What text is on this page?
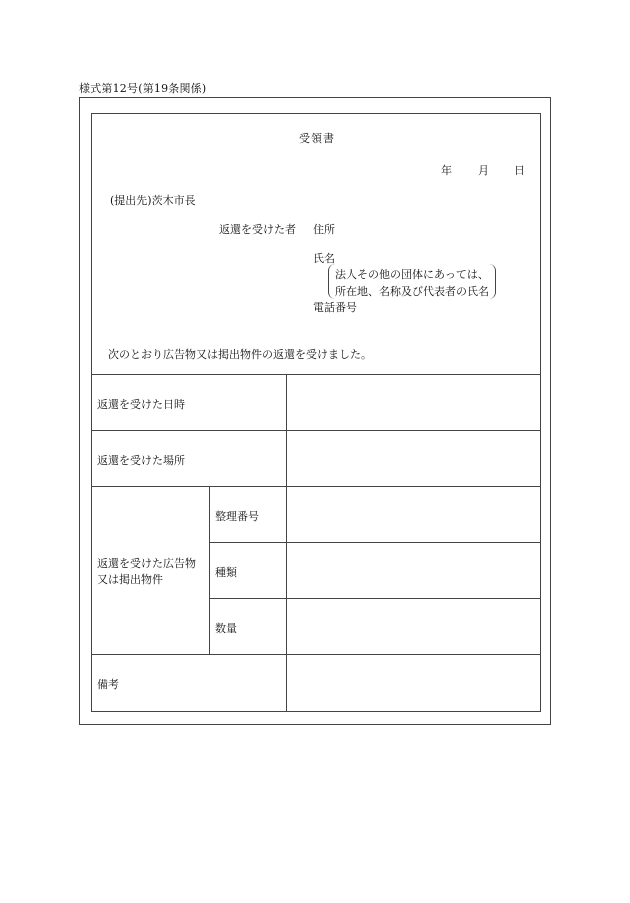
様式第12号(第19条関係)
受領書
年 月 日
(提出先)茨木市長
返還を受けた者 住所
氏名
法人その他の団体にあっては、
所在地、名称及び代表者の氏名
電話番号
次のとおり広告物又は掲出物件の返還を受けました。
返還を受けた日時
返還を受けた場所
返還を受けた広告物
又は掲出物件
整理番号
種類
数量
備考
